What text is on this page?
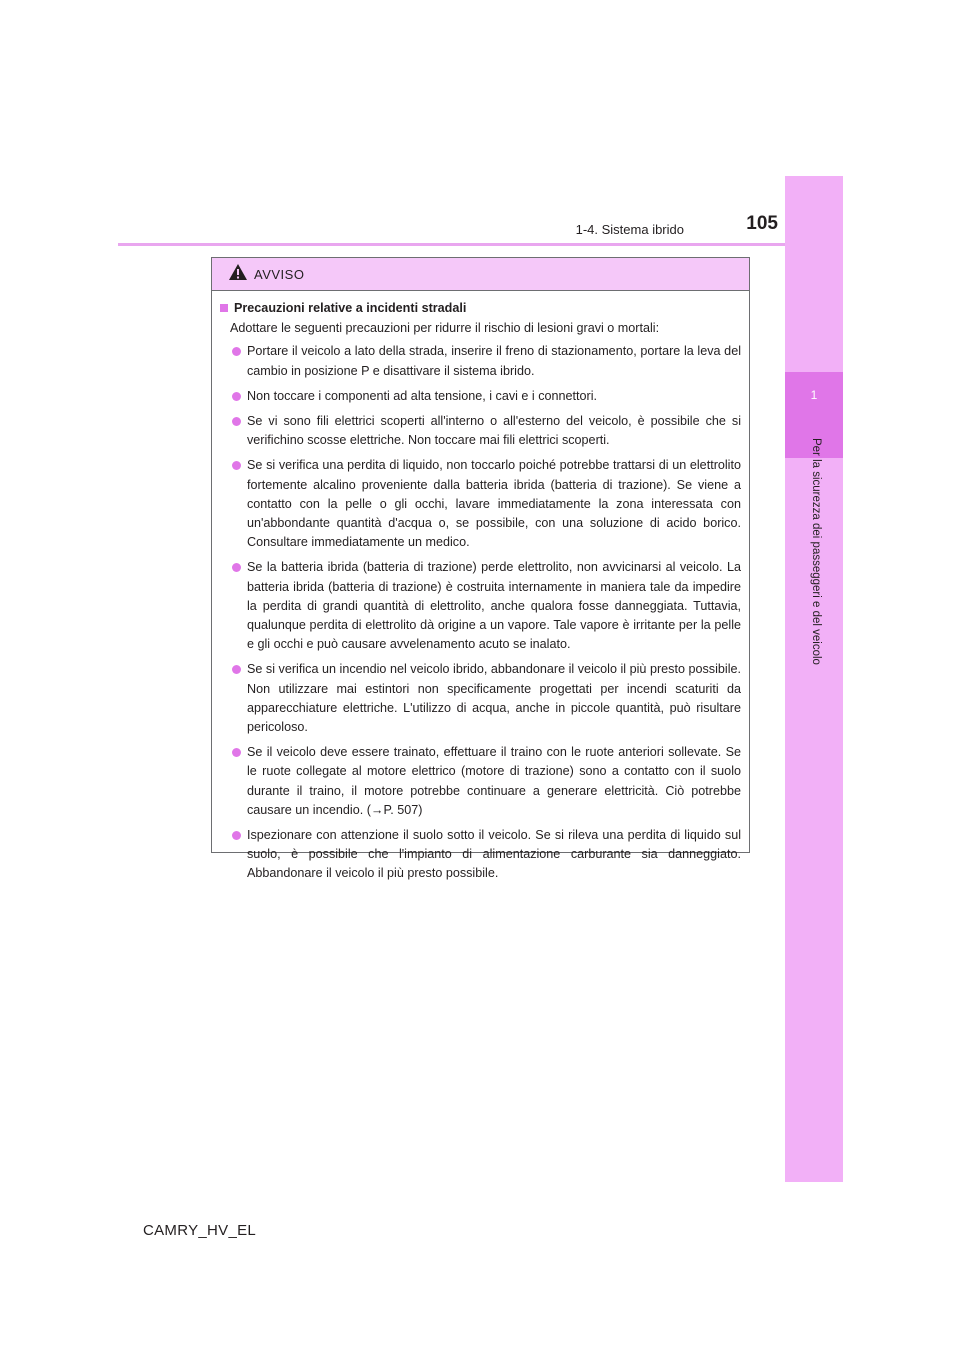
1
Per la sicurezza dei passeggeri e del veicolo
1-4. Sistema ibrido	105
AVVISO
Precauzioni relative a incidenti stradali
Adottare le seguenti precauzioni per ridurre il rischio di lesioni gravi o mortali:
Portare il veicolo a lato della strada, inserire il freno di stazionamento, portare la leva del cambio in posizione P e disattivare il sistema ibrido.
Non toccare i componenti ad alta tensione, i cavi e i connettori.
Se vi sono fili elettrici scoperti all'interno o all'esterno del veicolo, è possibile che si verifichino scosse elettriche. Non toccare mai fili elettrici scoperti.
Se si verifica una perdita di liquido, non toccarlo poiché potrebbe trattarsi di un elettrolito fortemente alcalino proveniente dalla batteria ibrida (batteria di trazione). Se viene a contatto con la pelle o gli occhi, lavare immediatamente la zona interessata con un'abbondante quantità d'acqua o, se possibile, con una soluzione di acido borico. Consultare immediatamente un medico.
Se la batteria ibrida (batteria di trazione) perde elettrolito, non avvicinarsi al veicolo. La batteria ibrida (batteria di trazione) è costruita internamente in maniera tale da impedire la perdita di grandi quantità di elettrolito, anche qualora fosse danneggiata. Tuttavia, qualunque perdita di elettrolito dà origine a un vapore. Tale vapore è irritante per la pelle e gli occhi e può causare avvelenamento acuto se inalato.
Se si verifica un incendio nel veicolo ibrido, abbandonare il veicolo il più presto possibile. Non utilizzare mai estintori non specificamente progettati per incendi scaturiti da apparecchiature elettriche. L'utilizzo di acqua, anche in piccole quantità, può risultare pericoloso.
Se il veicolo deve essere trainato, effettuare il traino con le ruote anteriori sollevate. Se le ruote collegate al motore elettrico (motore di trazione) sono a contatto con il suolo durante il traino, il motore potrebbe continuare a generare elettricità. Ciò potrebbe causare un incendio. (→P. 507)
Ispezionare con attenzione il suolo sotto il veicolo. Se si rileva una perdita di liquido sul suolo, è possibile che l'impianto di alimentazione carburante sia danneggiato. Abbandonare il veicolo il più presto possibile.
CAMRY_HV_EL
